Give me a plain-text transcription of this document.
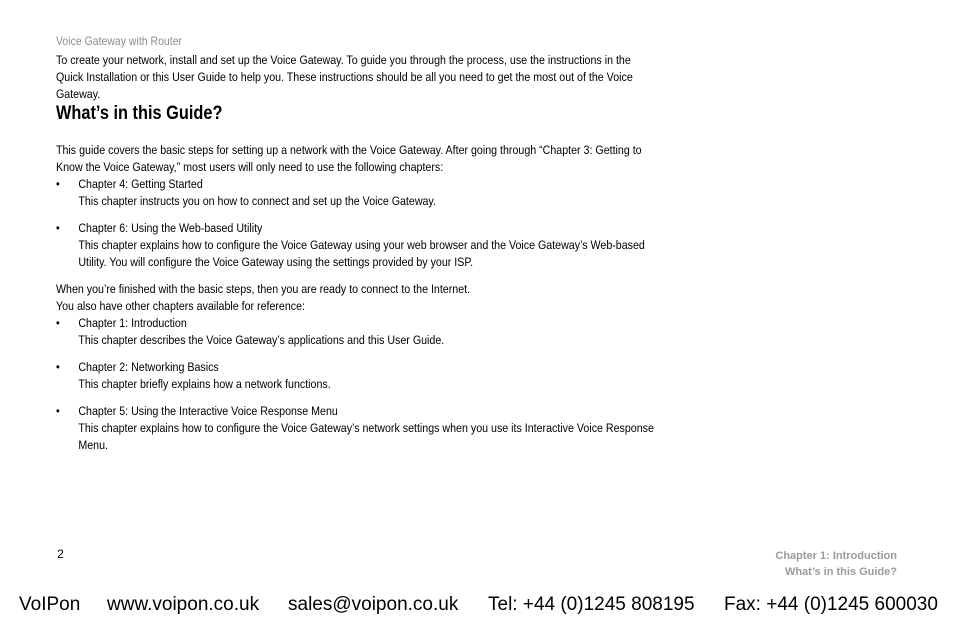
Voice Gateway with Router

To create your network, install and set up the Voice Gateway. To guide you through the process, use the instructions in the Quick Installation or this User Guide to help you. These instructions should be all you need to get the most out of the Voice Gateway.

What’s in this Guide?

This guide covers the basic steps for setting up a network with the Voice Gateway. After going through “Chapter 3: Getting to Know the Voice Gateway,” most users will only need to use the following chapters:

• Chapter 4: Getting Started
This chapter instructs you on how to connect and set up the Voice Gateway.
• Chapter 6: Using the Web-based Utility
This chapter explains how to configure the Voice Gateway using your web browser and the Voice Gateway’s Web-based Utility. You will configure the Voice Gateway using the settings provided by your ISP.

When you’re finished with the basic steps, then you are ready to connect to the Internet.

You also have other chapters available for reference:

• Chapter 1: Introduction
This chapter describes the Voice Gateway’s applications and this User Guide.
• Chapter 2: Networking Basics
This chapter briefly explains how a network functions.
• Chapter 5: Using the Interactive Voice Response Menu
This chapter explains how to configure the Voice Gateway’s network settings when you use its Interactive Voice Response Menu.
2	Chapter 1: Introduction
What’s in this Guide?
VoIPon www.voipon.co.uk sales@voipon.co.uk Tel: +44 (0)1245 808195 Fax: +44 (0)1245 600030
